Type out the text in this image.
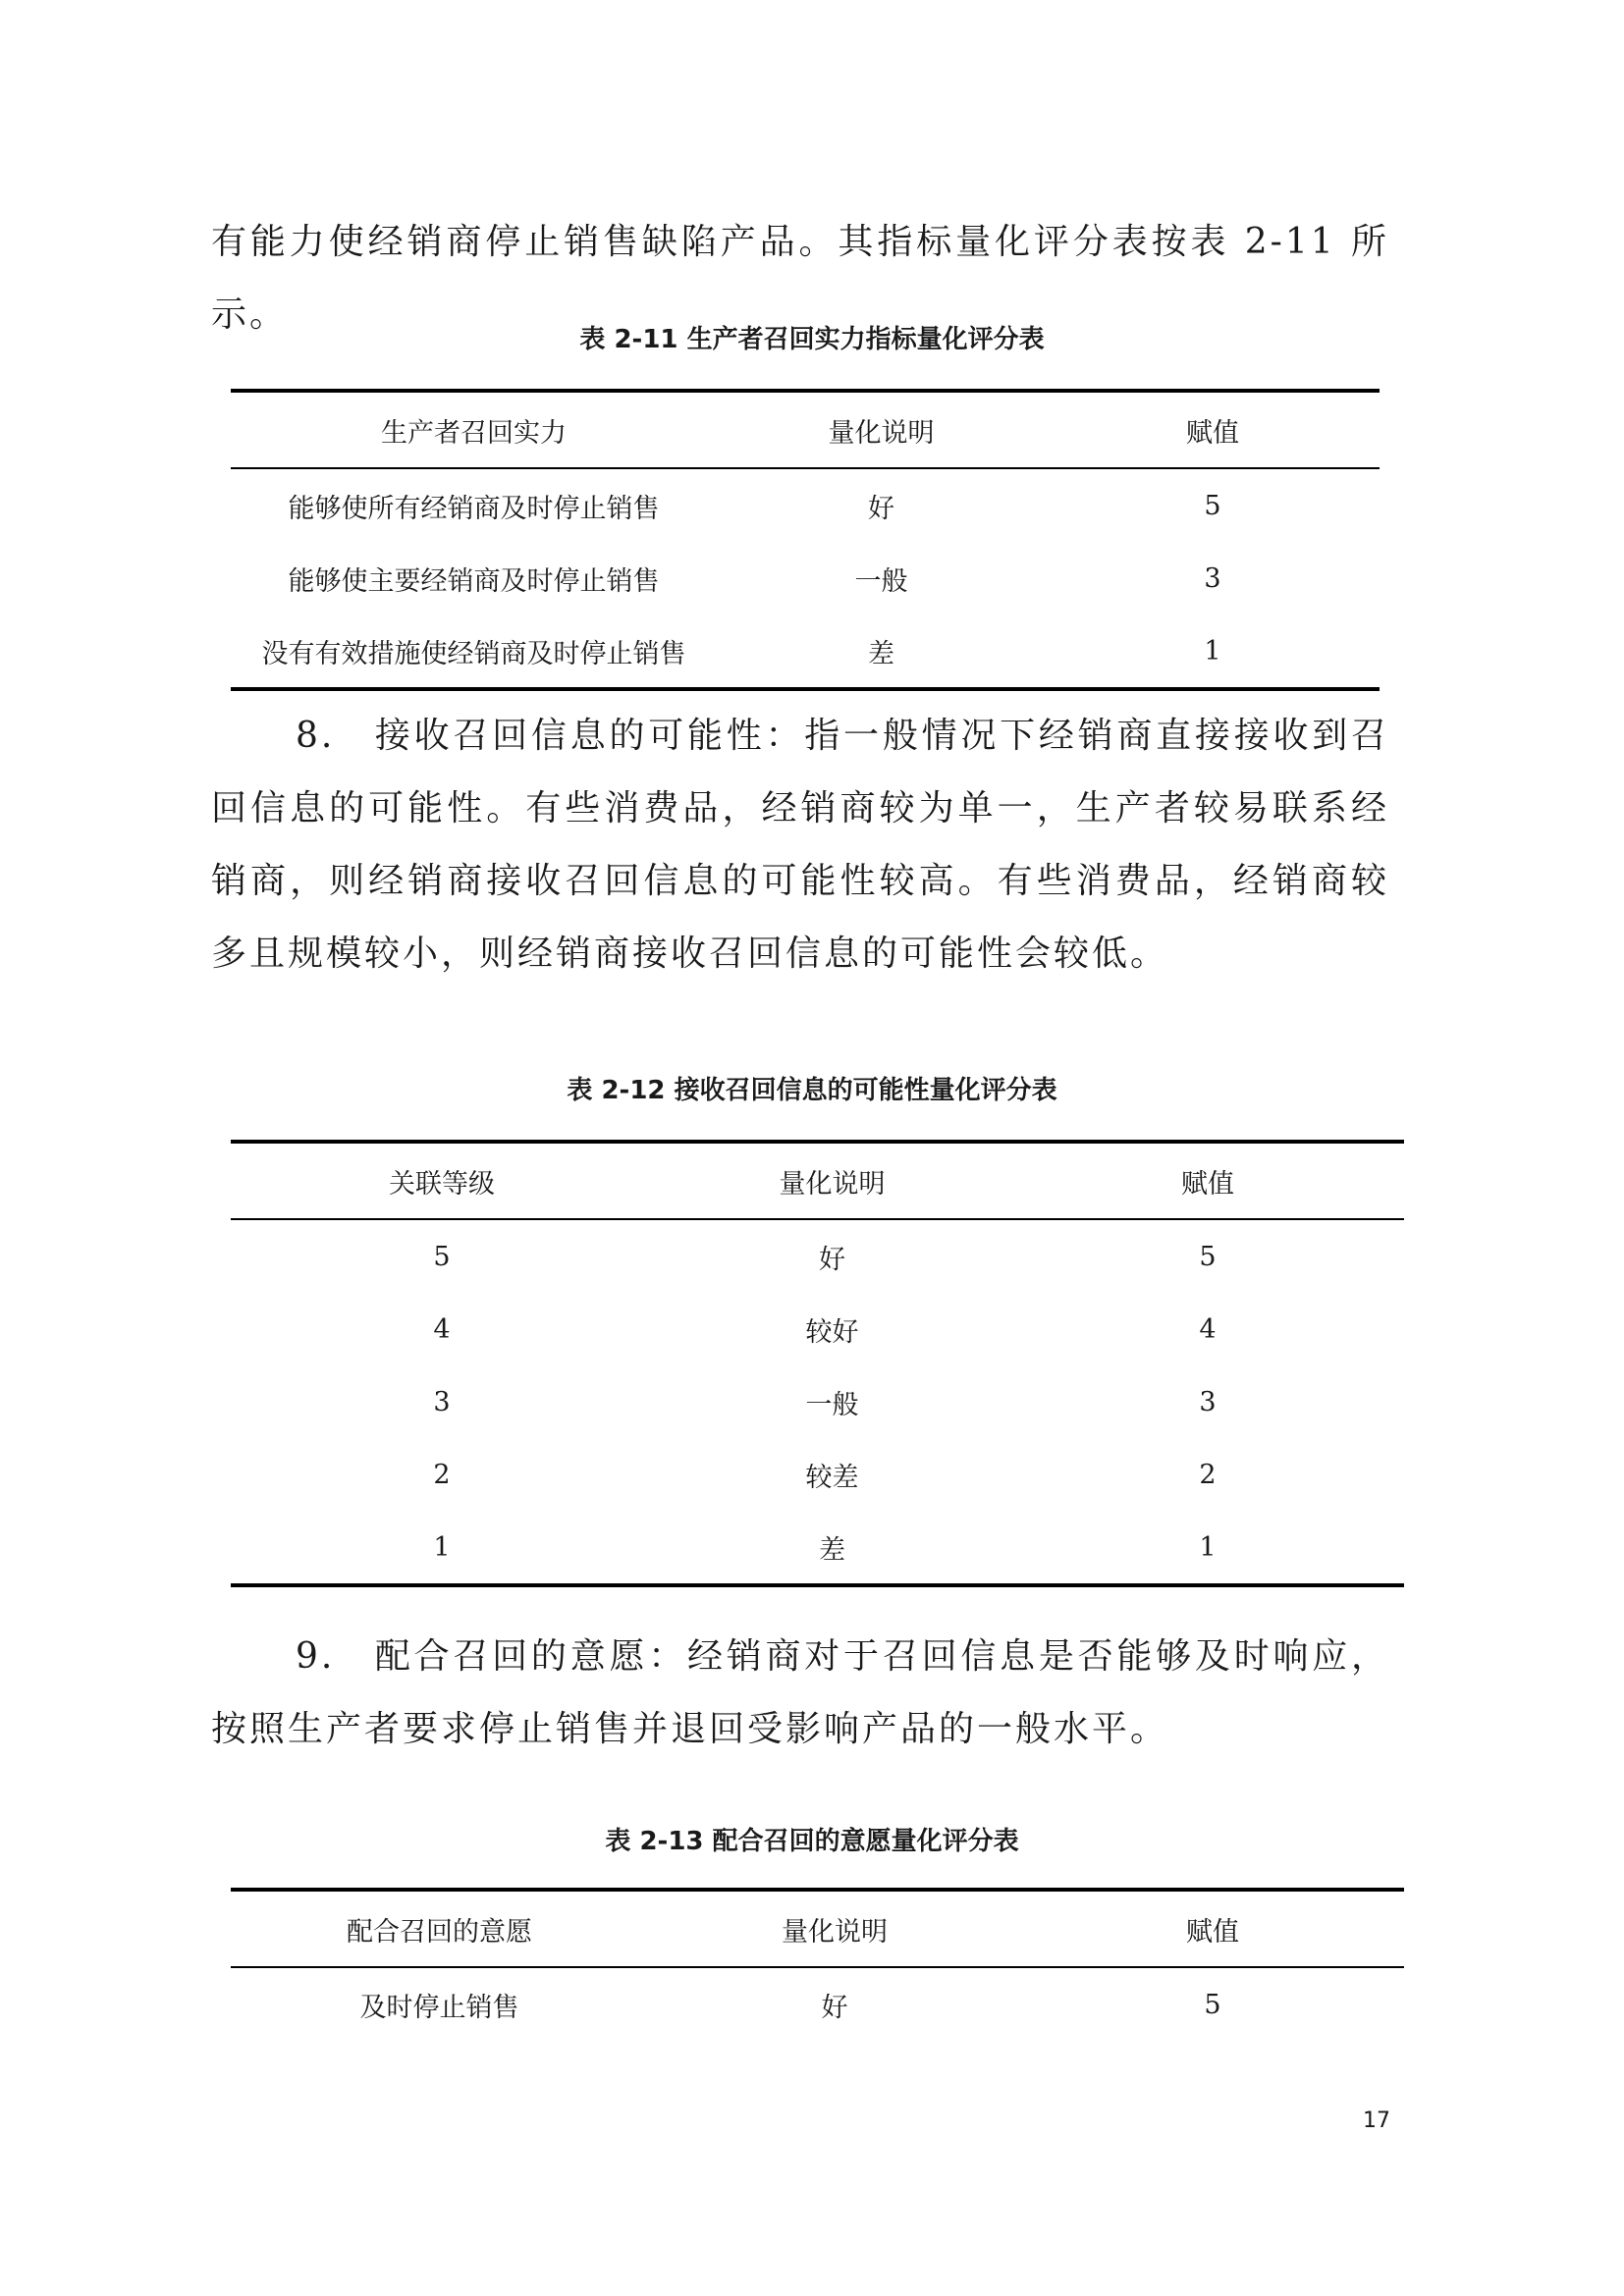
有能力使经销商停止销售缺陷产品。其指标量化评分表按表 2-11 所示。

表 2-11 生产者召回实力指标量化评分表
生产者召回实力	量化说明	赋值
能够使所有经销商及时停止销售	好	5
能够使主要经销商及时停止销售	一般	3
没有有效措施使经销商及时停止销售	差	1

8.　接收召回信息的可能性：指一般情况下经销商直接接收到召回信息的可能性。有些消费品，经销商较为单一，生产者较易联系经销商，则经销商接收召回信息的可能性较高。有些消费品，经销商较多且规模较小，则经销商接收召回信息的可能性会较低。

表 2-12 接收召回信息的可能性量化评分表
关联等级	量化说明	赋值
5	好	5
4	较好	4
3	一般	3
2	较差	2
1	差	1

9.　配合召回的意愿：经销商对于召回信息是否能够及时响应，按照生产者要求停止销售并退回受影响产品的一般水平。

表 2-13 配合召回的意愿量化评分表
配合召回的意愿	量化说明	赋值
及时停止销售	好	5
17
